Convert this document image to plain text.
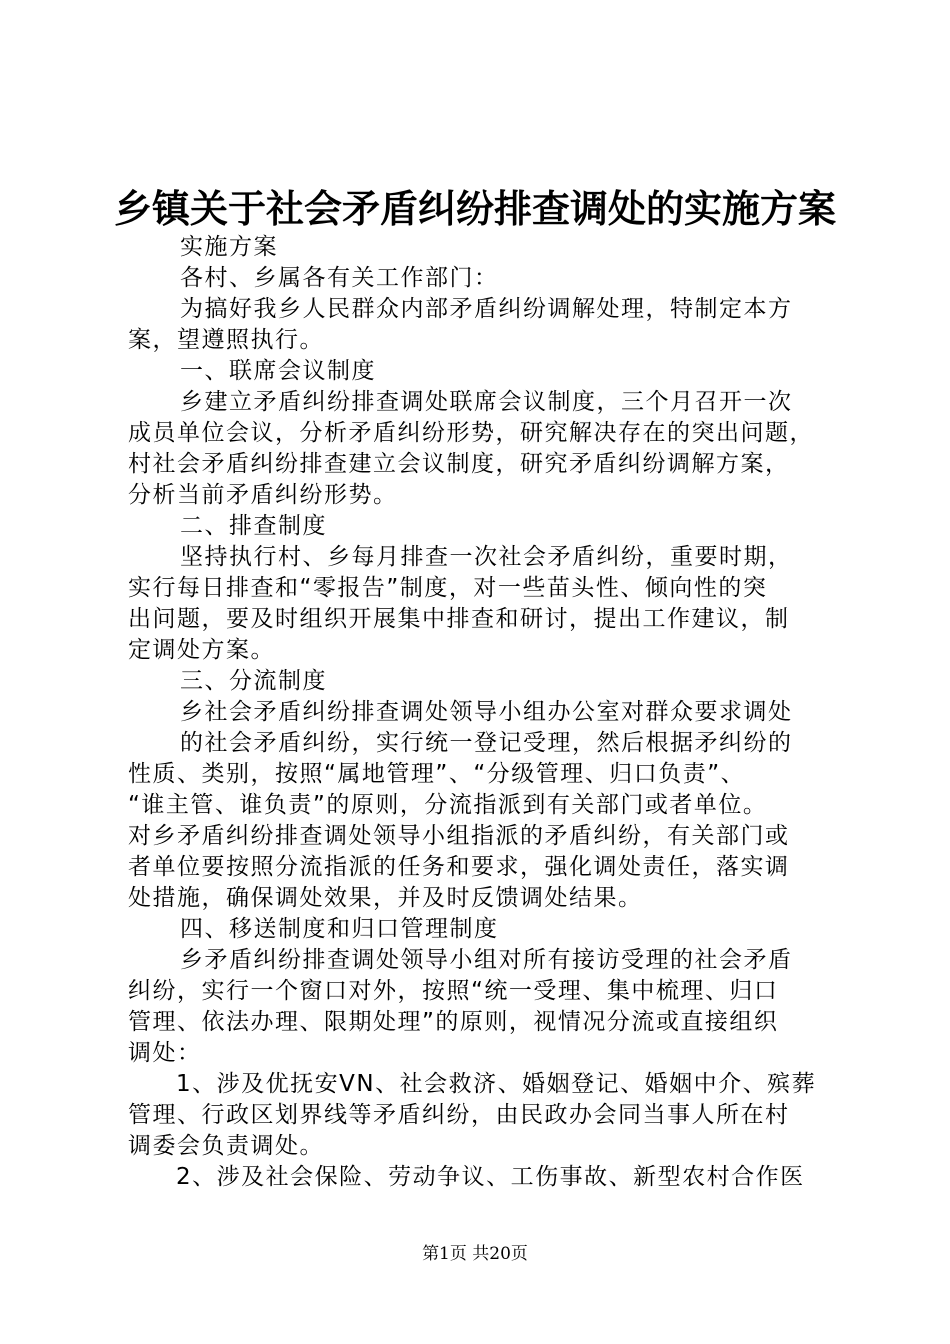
乡镇关于社会矛盾纠纷排查调处的实施方案
实施方案
各村、乡属各有关工作部门：
为搞好我乡人民群众内部矛盾纠纷调解处理，特制定本方
案，望遵照执行。
一、联席会议制度
乡建立矛盾纠纷排查调处联席会议制度，三个月召开一次
成员单位会议，分析矛盾纠纷形势，研究解决存在的突出问题，
村社会矛盾纠纷排查建立会议制度，研究矛盾纠纷调解方案，
分析当前矛盾纠纷形势。
二、排查制度
坚持执行村、乡每月排查一次社会矛盾纠纷，重要时期，
实行每日排查和“零报告”制度，对一些苗头性、倾向性的突
出问题，要及时组织开展集中排查和研讨，提出工作建议，制
定调处方案。
三、分流制度
乡社会矛盾纠纷排查调处领导小组办公室对群众要求调处
的社会矛盾纠纷，实行统一登记受理，然后根据矛纠纷的
性质、类别，按照“属地管理”、“分级管理、归口负责”、
“谁主管、谁负责”的原则，分流指派到有关部门或者单位。
对乡矛盾纠纷排查调处领导小组指派的矛盾纠纷，有关部门或
者单位要按照分流指派的任务和要求，强化调处责任，落实调
处措施，确保调处效果，并及时反馈调处结果。
四、移送制度和归口管理制度
乡矛盾纠纷排查调处领导小组对所有接访受理的社会矛盾
纠纷，实行一个窗口对外，按照“统一受理、集中梳理、归口
管理、依法办理、限期处理”的原则，视情况分流或直接组织
调处：
1、涉及优抚安VN、社会救济、婚姻登记、婚姻中介、殡葬
管理、行政区划界线等矛盾纠纷，由民政办会同当事人所在村
调委会负责调处。
2、涉及社会保险、劳动争议、工伤事故、新型农村合作医
第1页 共20页
